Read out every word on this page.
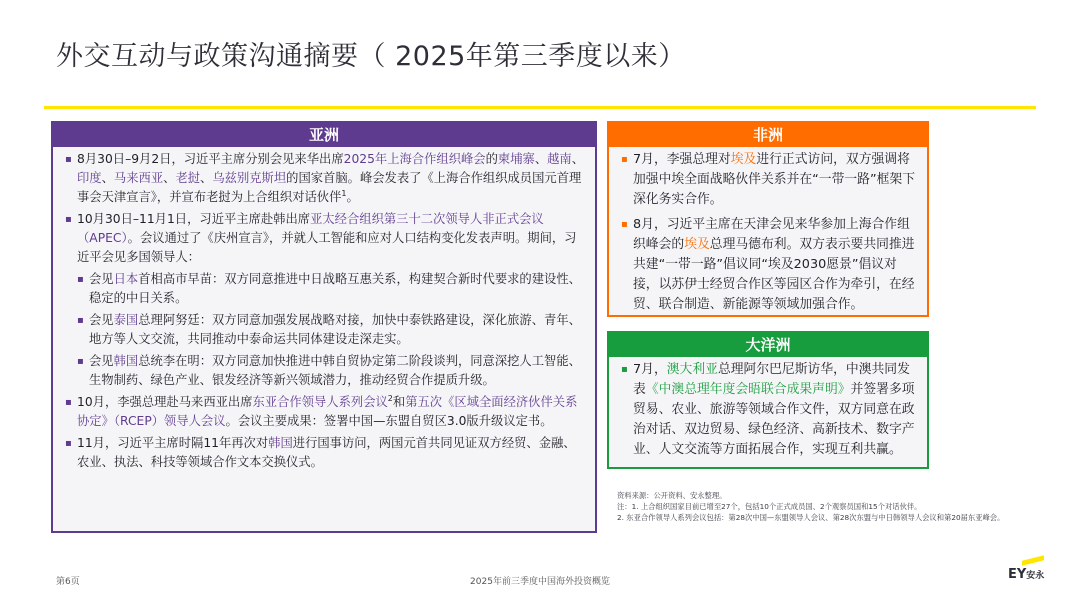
外交互动与政策沟通摘要（ 2025年第三季度以来）
亚洲
▪ 8月30日–9月2日，习近平主席分别会见来华出席2025年上海合作组织峰会的柬埔寨、越南、印度、马来西亚、老挝、乌兹别克斯坦的国家首脑。峰会发表了《上海合作组织成员国元首理事会天津宣言》，并宣布老挝为上合组织对话伙伴$^1$。
▪ 10月30日–11月1日，习近平主席赴韩出席亚太经合组织第三十二次领导人非正式会议（APEC）。会议通过了《庆州宣言》，并就人工智能和应对人口结构变化发表声明。期间，习近平会见多国领导人：
▪ 会见日本首相高市早苗：双方同意推进中日战略互惠关系，构建契合新时代要求的建设性、稳定的中日关系。
▪ 会见泰国总理阿努廷：双方同意加强发展战略对接，加快中泰铁路建设，深化旅游、青年、地方等人文交流，共同推动中泰命运共同体建设走深走实。
▪ 会见韩国总统李在明：双方同意加快推进中韩自贸协定第二阶段谈判，同意深挖人工智能、生物制药、绿色产业、银发经济等新兴领域潜力，推动经贸合作提质升级。
▪ 10月，李强总理赴马来西亚出席东亚合作领导人系列会议$^2$和第五次《区域全面经济伙伴关系协定》（RCEP）领导人会议。会议主要成果：签署中国—东盟自贸区3.0版升级议定书。
▪ 11月，习近平主席时隔11年再次对韩国进行国事访问，两国元首共同见证双方经贸、金融、农业、执法、科技等领域合作文本交换仪式。
非洲
▪ 7月，李强总理对埃及进行正式访问，双方强调将加强中埃全面战略伙伴关系并在“一带一路”框架下深化务实合作。
▪ 8月，习近平主席在天津会见来华参加上海合作组织峰会的埃及总理马德布利。双方表示要共同推进共建“一带一路”倡议同“埃及2030愿景”倡议对接，以苏伊士经贸合作区等园区合作为牵引，在经贸、联合制造、新能源等领域加强合作。
大洋洲
▪ 7月，澳大利亚总理阿尔巴尼斯访华，中澳共同发表《中澳总理年度会晤联合成果声明》并签署多项贸易、农业、旅游等领域合作文件，双方同意在政治对话、双边贸易、绿色经济、高新技术、数字产业、人文交流等方面拓展合作，实现互利共赢。
资料来源：公开资料、安永整理。
注：1. 上合组织国家目前已增至27个，包括10个正式成员国、2个观察员国和15个对话伙伴。
2. 东亚合作领导人系列会议包括：第28次中国—东盟领导人会议、第28次东盟与中日韩领导人会议和第20届东亚峰会。
第6页	2025年前三季度中国海外投资概览	EY安永
